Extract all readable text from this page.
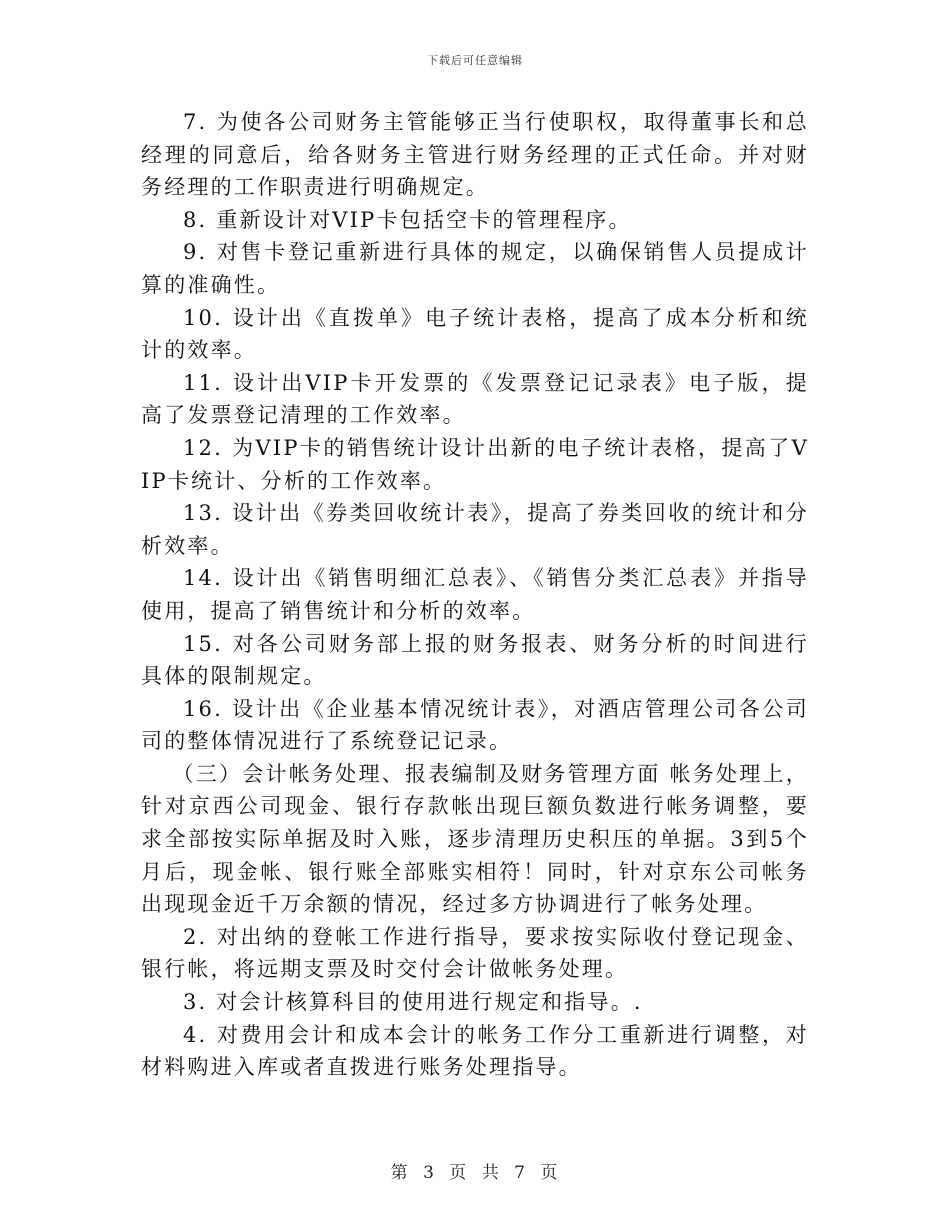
下载后可任意编辑

7. 为使各公司财务主管能够正当行使职权，取得董事长和总经理的同意后，给各财务主管进行财务经理的正式任命。并对财务经理的工作职责进行明确规定。

8. 重新设计对VIP卡包括空卡的管理程序。

9. 对售卡登记重新进行具体的规定，以确保销售人员提成计算的准确性。

10. 设计出《直拨单》电子统计表格，提高了成本分析和统计的效率。

11. 设计出VIP卡开发票的《发票登记记录表》电子版，提高了发票登记清理的工作效率。

12. 为VIP卡的销售统计设计出新的电子统计表格，提高了VIP卡统计、分析的工作效率。

13. 设计出《券类回收统计表》，提高了券类回收的统计和分析效率。

14. 设计出《销售明细汇总表》、《销售分类汇总表》并指导使用，提高了销售统计和分析的效率。

15. 对各公司财务部上报的财务报表、财务分析的时间进行具体的限制规定。

16. 设计出《企业基本情况统计表》，对酒店管理公司各公司司的整体情况进行了系统登记记录。

（三）会计帐务处理、报表编制及财务管理方面 帐务处理上，针对京西公司现金、银行存款帐出现巨额负数进行帐务调整，要求全部按实际单据及时入账，逐步清理历史积压的单据。3到5个月后，现金帐、银行账全部账实相符！同时，针对京东公司帐务出现现金近千万余额的情况，经过多方协调进行了帐务处理。

2. 对出纳的登帐工作进行指导，要求按实际收付登记现金、银行帐，将远期支票及时交付会计做帐务处理。

3. 对会计核算科目的使用进行规定和指导。.

4. 对费用会计和成本会计的帐务工作分工重新进行调整，对材料购进入库或者直拨进行账务处理指导。

第 3 页 共 7 页
